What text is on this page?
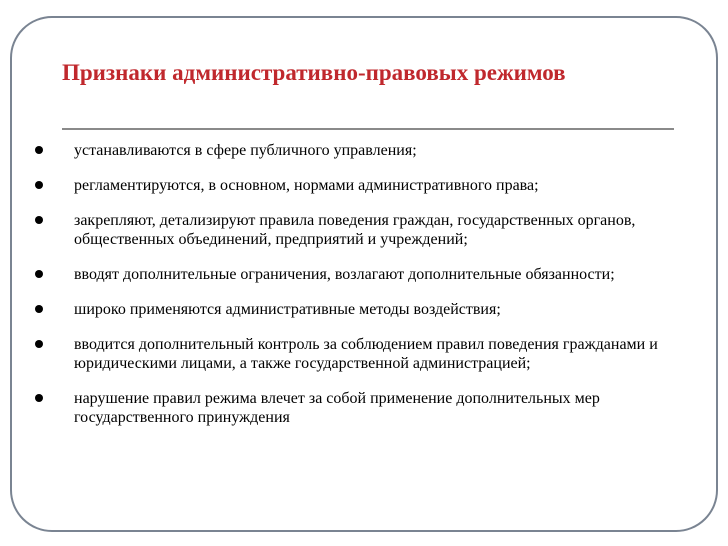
Признаки административно-правовых режимов
устанавливаются в сфере публичного управления;
регламентируются, в основном, нормами административного права;
закрепляют, детализируют правила поведения граждан, государственных органов, общественных объединений, предприятий и учреждений;
вводят дополнительные ограничения, возлагают дополнительные обязанности;
широко применяются административные методы воздействия;
вводится дополнительный контроль за соблюдением правил поведения гражданами и юридическими лицами, а также государственной администрацией;
нарушение правил режима влечет за собой применение дополнительных мер государственного принуждения
